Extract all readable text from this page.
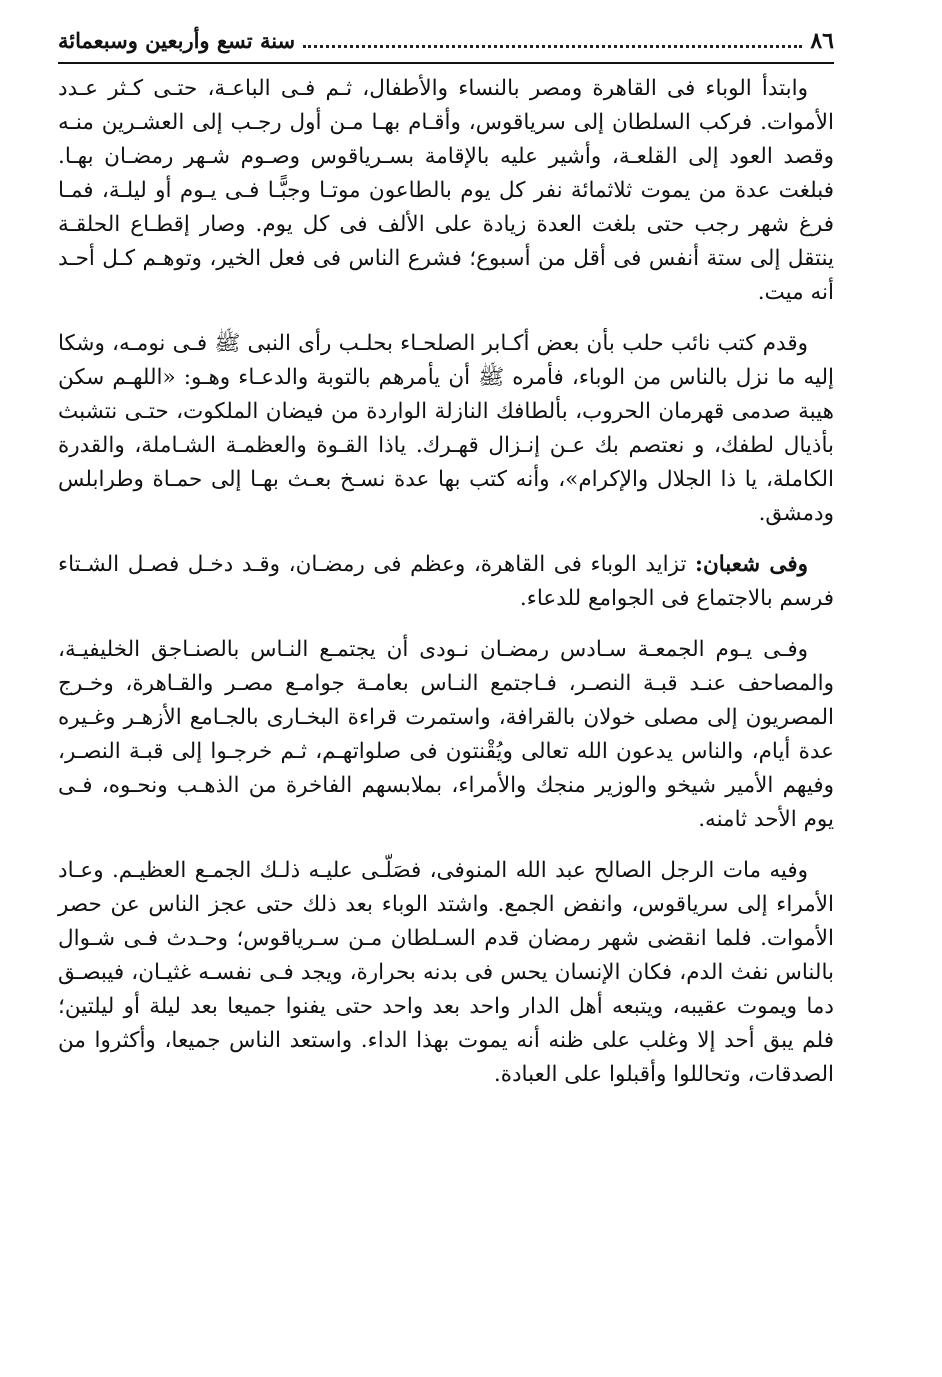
٨٦
سنة تسع وأربعين وسبعمائة

وابتدأ الوباء فى القاهرة ومصر بالنساء والأطفال، ثـم فـى الباعـة، حتـى كـثر عـدد الأموات. فركب السلطان إلى سرياقوس، وأقـام بهـا مـن أول رجـب إلى العشـرين منـه وقصد العود إلى القلعـة، وأشير عليه بالإقامة بسـرياقوس وصـوم شـهر رمضـان بهـا. فبلغت عدة من يموت ثلاثمائة نفر كل يوم بالطاعون موتـا وجبًّـا فـى يـوم أو ليلـة، فمـا فرغ شهر رجب حتى بلغت العدة زيادة على الألف فى كل يوم. وصار إقطـاع الحلقـة ينتقل إلى ستة أنفس فى أقل من أسبوع؛ فشرع الناس فى فعل الخير، وتوهـم كـل أحـد أنه ميت.

وقدم كتب نائب حلب بأن بعض أكـابر الصلحـاء بحلـب رأى النبى ﷺ فـى نومـه، وشكا إليه ما نزل بالناس من الوباء، فأمره ﷺ أن يأمرهم بالتوبة والدعـاء وهـو: «اللهـم سكن هيبة صدمى قهرمان الحروب، بألطافك النازلة الواردة من فيضان الملكوت، حتـى نتشبث بأذيال لطفك، و نعتصم بك عـن إنـزال قهـرك. ياذا القـوة والعظمـة الشـاملة، والقدرة الكاملة، يا ذا الجلال والإكرام»، وأنه كتب بها عدة نسـخ بعـث بهـا إلى حمـاة وطرابلس ودمشق.

وفى شعبان: تزايد الوباء فى القاهرة، وعظم فى رمضـان، وقـد دخـل فصـل الشـتاء فرسم بالاجتماع فى الجوامع للدعاء.

وفـى يـوم الجمعـة سـادس رمضـان نـودى أن يجتمـع النـاس بالصنـاجق الخليفيـة، والمصاحف عنـد قبـة النصـر، فـاجتمع النـاس بعامـة جوامـع مصـر والقـاهرة، وخـرج المصريون إلى مصلى خولان بالقرافة، واستمرت قراءة البخـارى بالجـامع الأزهـر وغـيره عدة أيام، والناس يدعون الله تعالى ويُقْنتون فى صلواتهـم، ثـم خرجـوا إلى قبـة النصـر، وفيهم الأمير شيخو والوزير منجك والأمراء، بملابسهم الفاخرة من الذهـب ونحـوه، فـى يوم الأحد ثامنه.

وفيه مات الرجل الصالح عبد الله المنوفى، فصَلّـى عليـه ذلـك الجمـع العظيـم. وعـاد الأمراء إلى سرياقوس، وانفض الجمع. واشتد الوباء بعد ذلك حتى عجز الناس عن حصر الأموات. فلما انقضى شهر رمضان قدم السـلطان مـن سـرياقوس؛ وحـدث فـى شـوال بالناس نفث الدم، فكان الإنسان يحس فى بدنه بحرارة، ويجد فـى نفسـه غثيـان، فيبصـق دما ويموت عقيبه، ويتبعه أهل الدار واحد بعد واحد حتى يفنوا جميعا بعد ليلة أو ليلتين؛ فلم يبق أحد إلا وغلب على ظنه أنه يموت بهذا الداء. واستعد الناس جميعا، وأكثروا من الصدقات، وتحاللوا وأقبلوا على العبادة.
